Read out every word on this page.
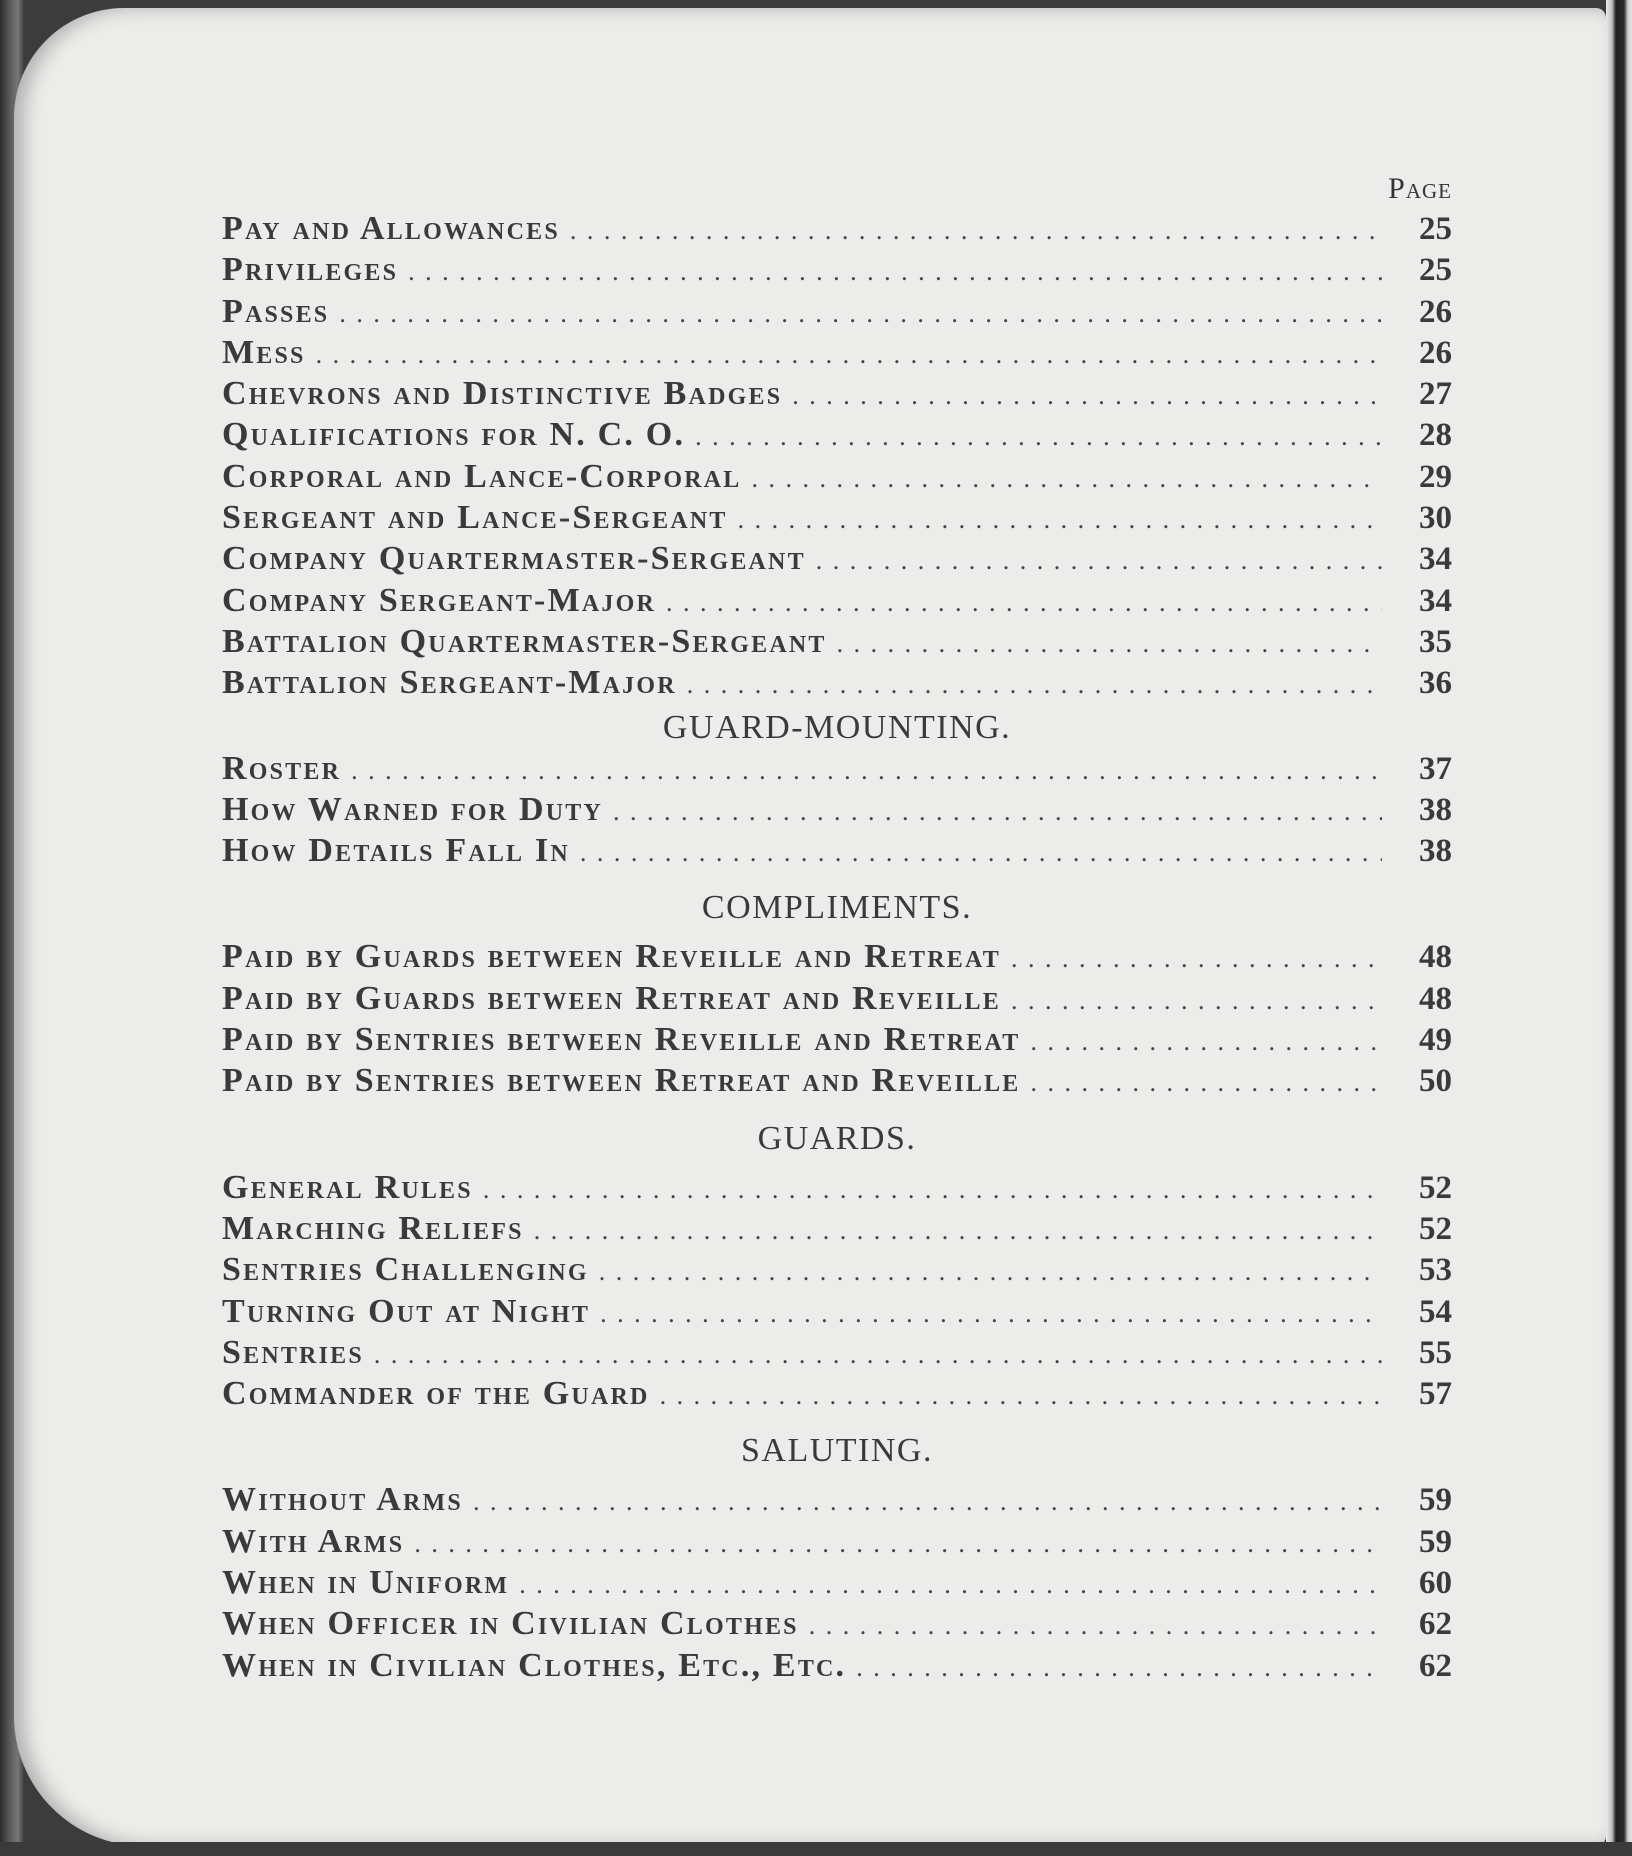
Page
Pay and Allowances . . .	25
Privileges . . .	25
Passes . . .	26
Mess . . .	26
Chevrons and Distinctive Badges . . .	27
Qualifications for N. C. O. . . .	28
Corporal and Lance-Corporal . . .	29
Sergeant and Lance-Sergeant . . .	30
Company Quartermaster-Sergeant . . .	34
Company Sergeant-Major . . .	34
Battalion Quartermaster-Sergeant . . .	35
Battalion Sergeant-Major . . .	36
GUARD-MOUNTING.
Roster . . .	37
How Warned for Duty . . .	38
How Details Fall In . . .	38
COMPLIMENTS.
Paid by Guards between Reveille and Retreat . . .	48
Paid by Guards between Retreat and Reveille . . .	48
Paid by Sentries between Reveille and Retreat . . .	49
Paid by Sentries between Retreat and Reveille . . .	50
GUARDS.
General Rules . . .	52
Marching Reliefs . . .	52
Sentries Challenging . . .	53
Turning Out at Night . . .	54
Sentries . . .	55
Commander of the Guard . . .	57
SALUTING.
Without Arms . . .	59
With Arms . . .	59
When in Uniform . . .	60
When Officer in Civilian Clothes . . .	62
When in Civilian Clothes, Etc., Etc. . . .	62
